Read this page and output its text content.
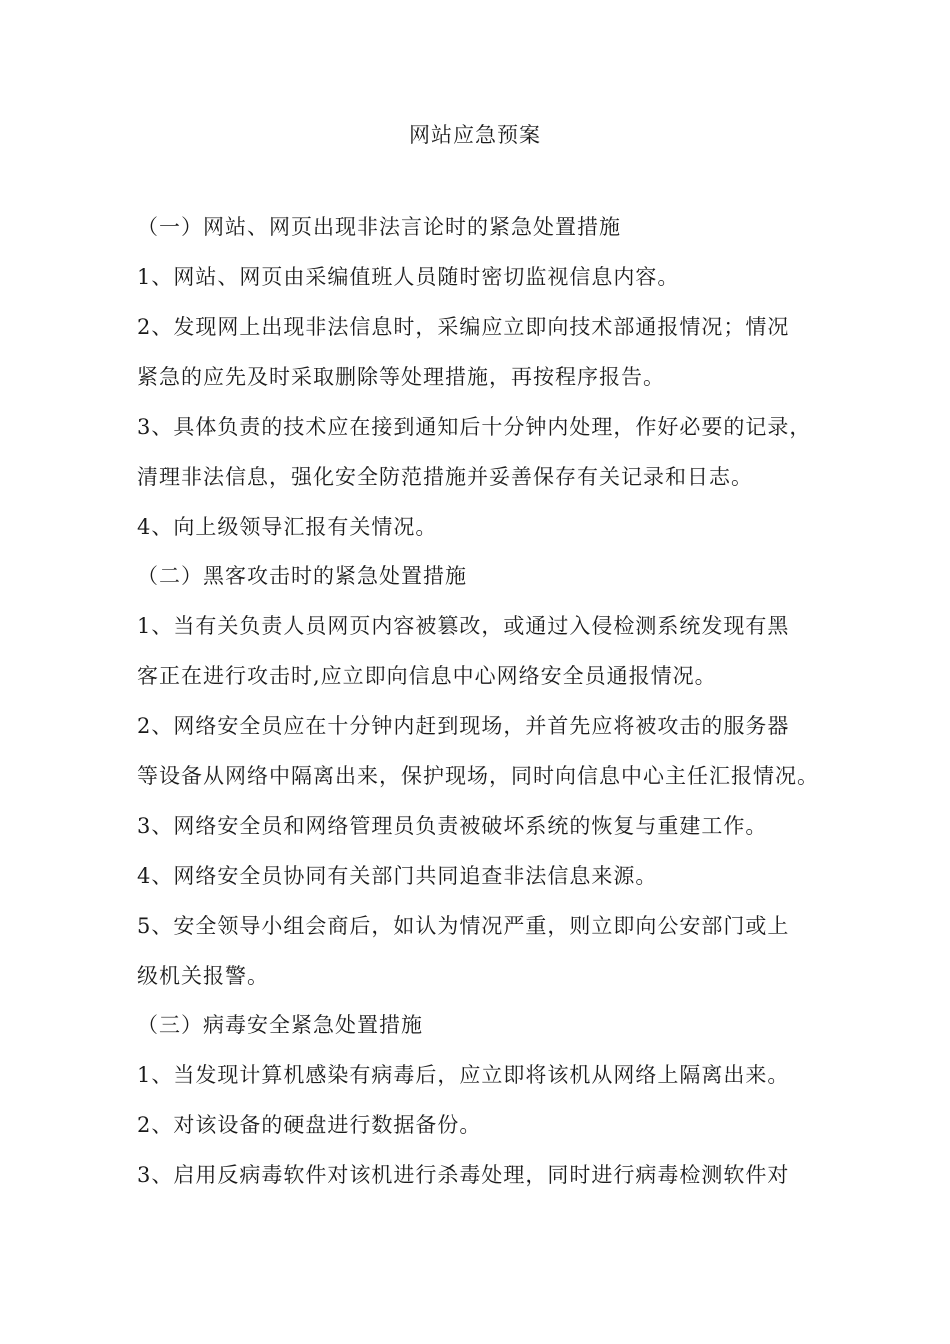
网站应急预案
（一）网站、网页出现非法言论时的紧急处置措施
1、网站、网页由采编值班人员随时密切监视信息内容。
2、发现网上出现非法信息时，采编应立即向技术部通报情况；情况
紧急的应先及时采取删除等处理措施，再按程序报告。
3、具体负责的技术应在接到通知后十分钟内处理，作好必要的记录，
清理非法信息，强化安全防范措施并妥善保存有关记录和日志。
4、向上级领导汇报有关情况。
（二）黑客攻击时的紧急处置措施
1、当有关负责人员网页内容被篡改，或通过入侵检测系统发现有黑
客正在进行攻击时,应立即向信息中心网络安全员通报情况。
2、网络安全员应在十分钟内赶到现场，并首先应将被攻击的服务器
等设备从网络中隔离出来，保护现场，同时向信息中心主任汇报情况。
3、网络安全员和网络管理员负责被破坏系统的恢复与重建工作。
4、网络安全员协同有关部门共同追查非法信息来源。
5、安全领导小组会商后，如认为情况严重，则立即向公安部门或上
级机关报警。
（三）病毒安全紧急处置措施
1、当发现计算机感染有病毒后，应立即将该机从网络上隔离出来。
2、对该设备的硬盘进行数据备份。
3、启用反病毒软件对该机进行杀毒处理，同时进行病毒检测软件对
